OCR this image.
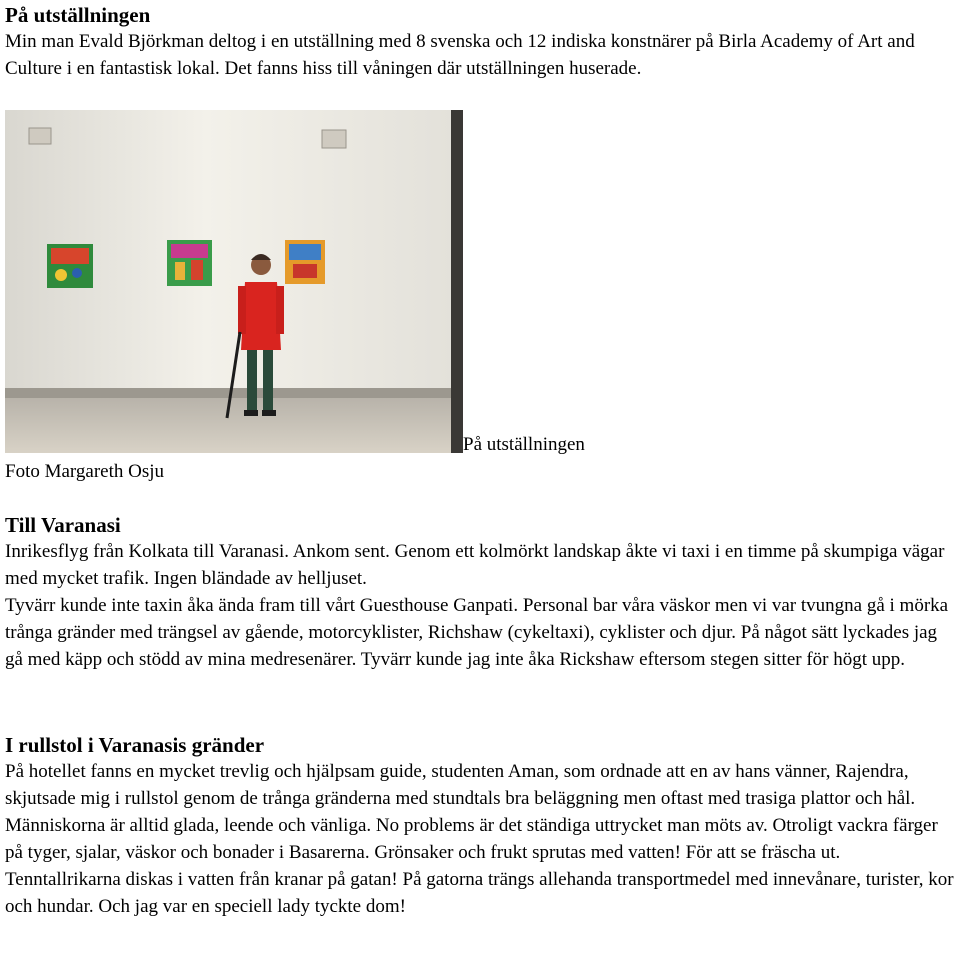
På utställningen

Min man Evald Björkman deltog i en utställning med 8 svenska och 12 indiska konstnärer på Birla Academy of Art and Culture i en fantastisk lokal. Det fanns hiss till våningen där utställningen huserade.

Foto Margareth Osju
På utställningen
Till Varanasi

Inrikesflyg från Kolkata till Varanasi. Ankom sent. Genom ett kolmörkt landskap åkte vi taxi i en timme på skumpiga vägar med mycket trafik. Ingen bländade av helljuset.

Tyvärr kunde inte taxin åka ända fram till vårt Guesthouse Ganpati. Personal bar våra väskor men vi var tvungna gå i mörka trånga gränder med trängsel av gående, motorcyklister, Richshaw (cykeltaxi), cyklister och djur. På något sätt lyckades jag gå med käpp och stödd av mina medresenärer. Tyvärr kunde jag inte åka Rickshaw eftersom stegen sitter för högt upp.

I rullstol i Varanasis gränder

På hotellet fanns en mycket trevlig och hjälpsam guide, studenten Aman, som ordnade att en av hans vänner, Rajendra, skjutsade mig i rullstol genom de trånga gränderna med stundtals bra beläggning men oftast med trasiga plattor och hål.

Människorna är alltid glada, leende och vänliga. No problems är det ständiga uttrycket man möts av. Otroligt vackra färger på tyger, sjalar, väskor och bonader i Basarerna. Grönsaker och frukt sprutas med vatten! För att se fräscha ut. Tenntallrikarna diskas i vatten från kranar på gatan! På gatorna trängs allehanda transportmedel med innevånare, turister, kor och hundar. Och jag var en speciell lady tyckte dom!
